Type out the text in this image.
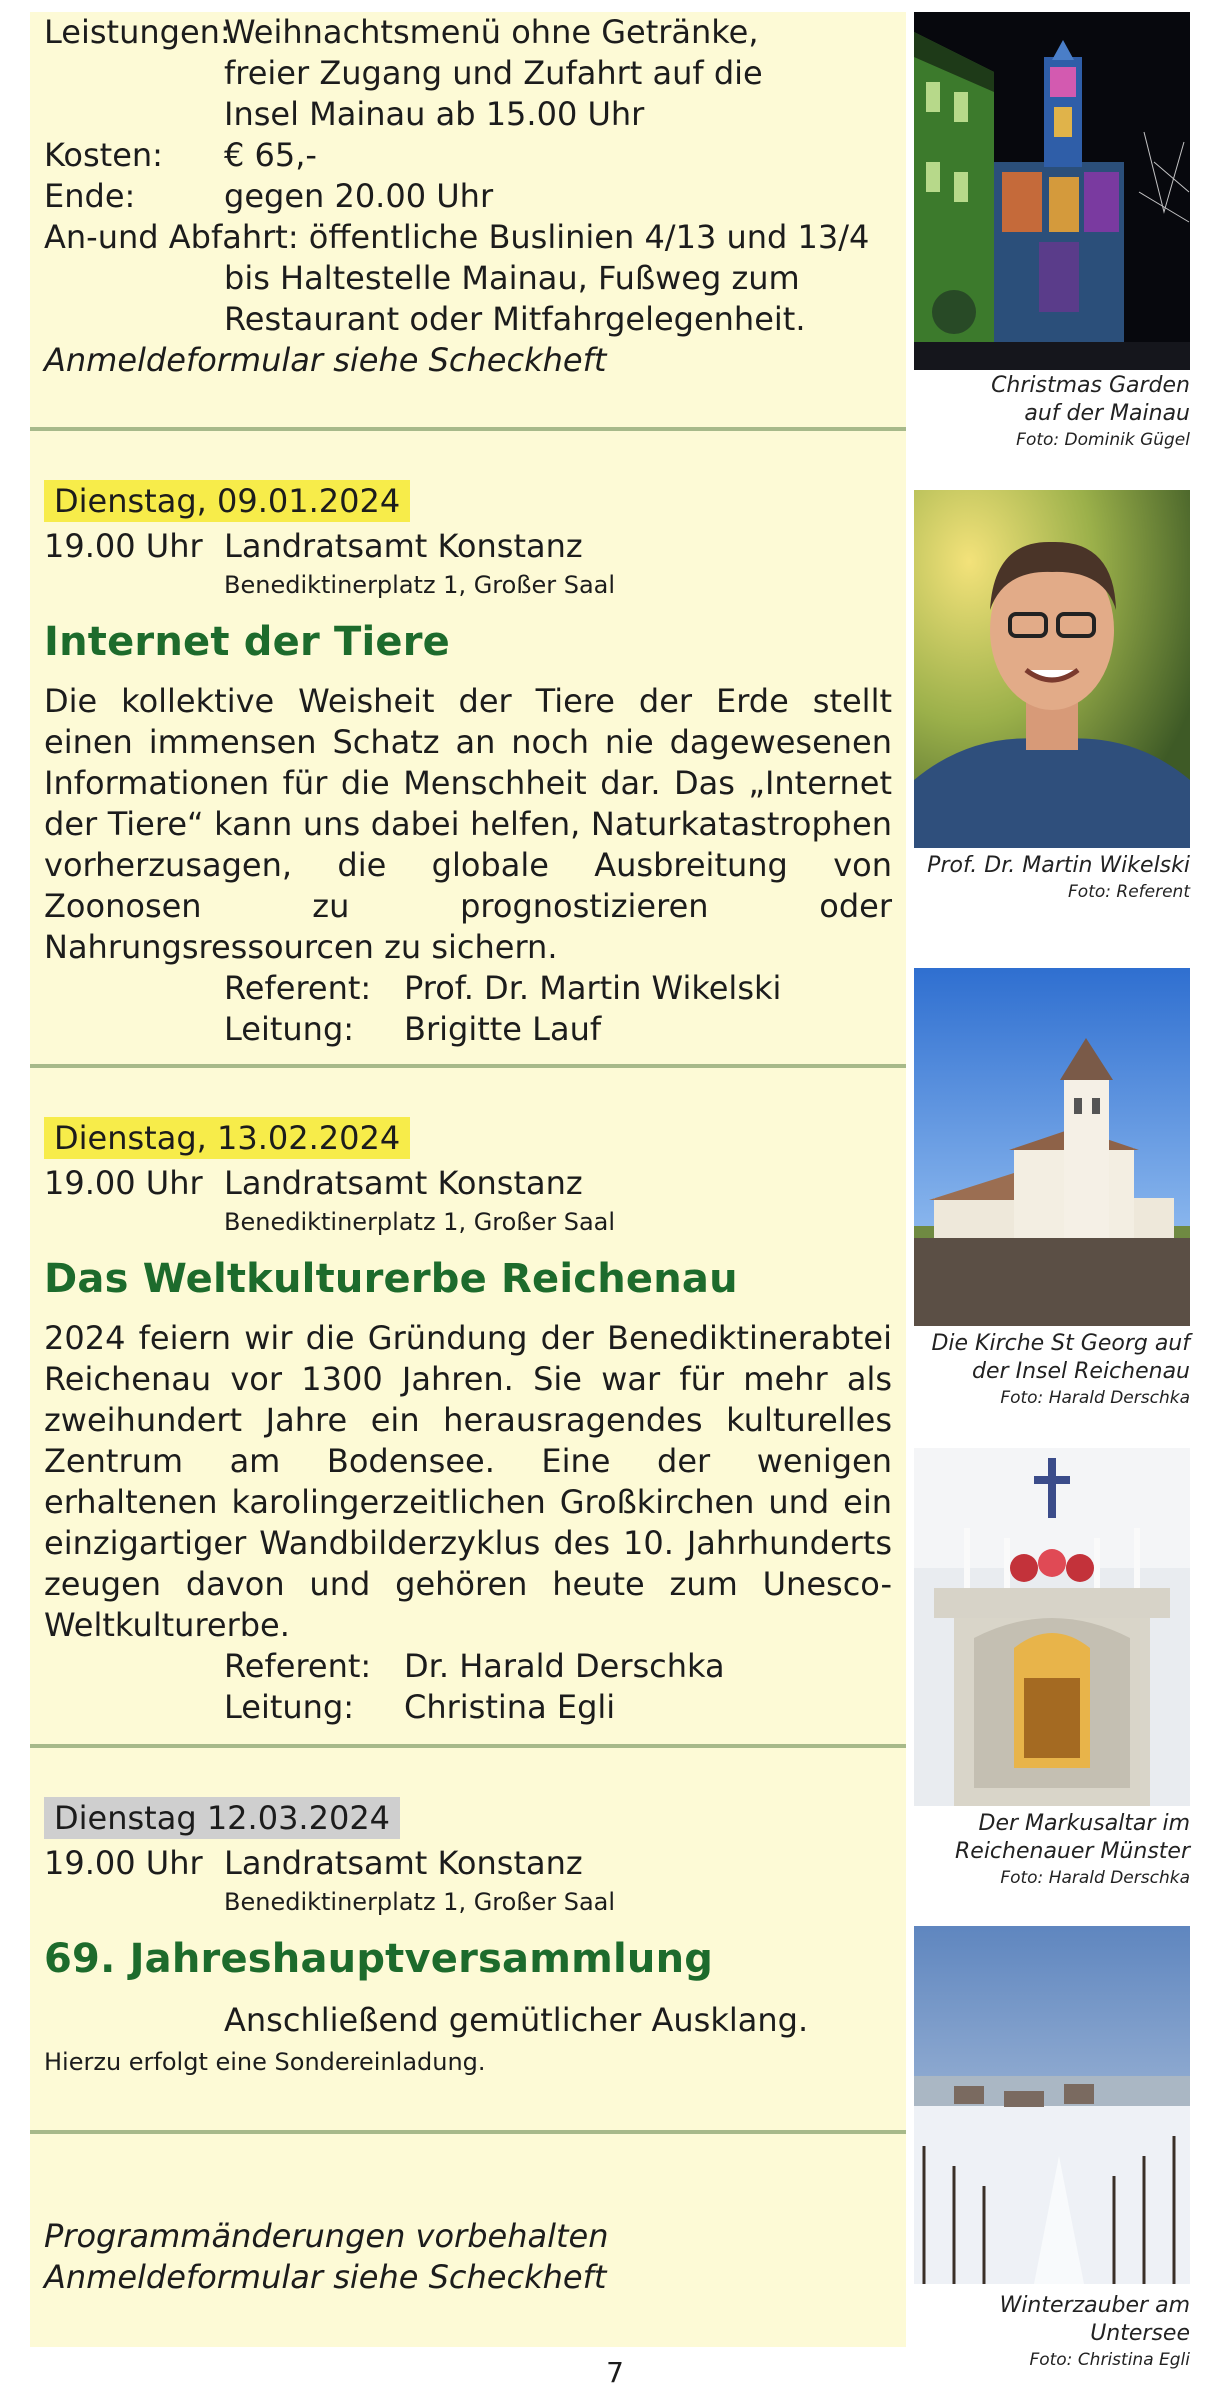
Leistungen:
Weihnachtsmenü ohne Getränke,
freier Zugang und Zufahrt auf die
Insel Mainau ab 15.00 Uhr
Kosten: € 65,-
Ende:	gegen 20.00 Uhr
An-und Abfahrt: öffentliche Buslinien 4/13 und 13/4
bis Haltestelle Mainau, Fußweg zum
Restaurant oder Mitfahrgelegenheit.
Anmeldeformular siehe Scheckheft
Dienstag, 09.01.2024
19.00 Uhr Landratsamt Konstanz
Benediktinerplatz 1, Großer Saal
Internet der Tiere
Die kollektive Weisheit der Tiere der Erde stellt einen immensen Schatz an noch nie dagewesenen Informationen für die Menschheit dar. Das „Internet der Tiere“ kann uns dabei helfen, Naturkatastrophen vorherzusagen, die globale Ausbreitung von Zoonosen zu prognostizieren oder Nahrungsressourcen zu sichern.
Referent: Prof. Dr. Martin Wikelski
Leitung: Brigitte Lauf
Dienstag, 13.02.2024
19.00 Uhr Landratsamt Konstanz
Benediktinerplatz 1, Großer Saal
Das Weltkulturerbe Reichenau
2024 feiern wir die Gründung der Benediktinerabtei Reichenau vor 1300 Jahren. Sie war für mehr als zweihundert Jahre ein herausragendes kulturelles Zentrum am Bodensee. Eine der wenigen erhaltenen karolingerzeitlichen Großkirchen und ein einzigartiger Wandbilderzyklus des 10. Jahrhunderts zeugen davon und gehören heute zum Unesco-Weltkulturerbe.
Referent: Dr. Harald Derschka
Leitung: Christina Egli
Dienstag 12.03.2024
19.00 Uhr Landratsamt Konstanz
Benediktinerplatz 1, Großer Saal
69. Jahreshauptversammlung
Anschließend gemütlicher Ausklang.
Hierzu erfolgt eine Sondereinladung.
Programmänderungen vorbehalten
Anmeldeformular siehe Scheckheft
Christmas Garden
auf der Mainau
Foto: Dominik Gügel
Prof. Dr. Martin Wikelski
Foto: Referent
Die Kirche St Georg auf
der Insel Reichenau
Foto: Harald Derschka
Der Markusaltar im
Reichenauer Münster
Foto: Harald Derschka
Winterzauber am Untersee
Foto: Christina Egli
7
